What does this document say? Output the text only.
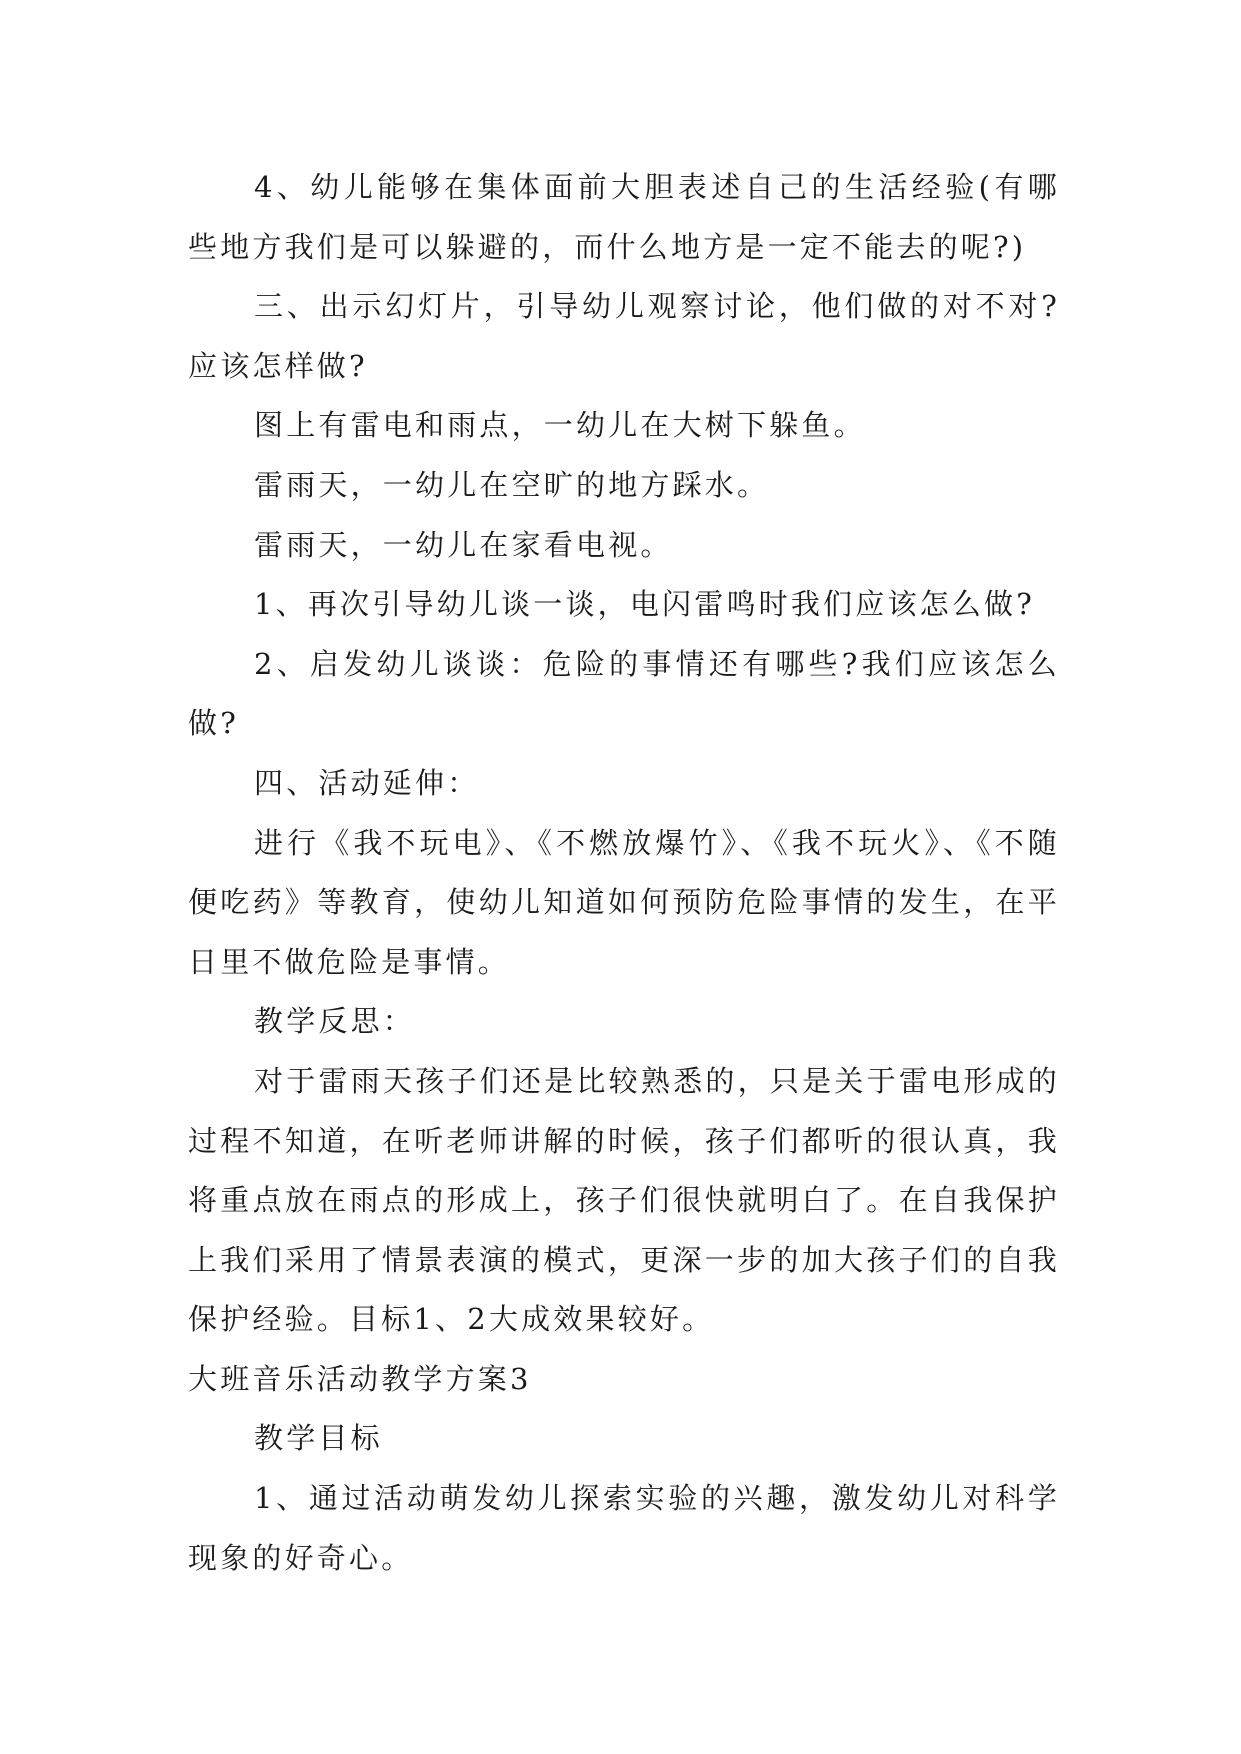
4、幼儿能够在集体面前大胆表述自己的生活经验(有哪些地方我们是可以躲避的，而什么地方是一定不能去的呢?)

三、出示幻灯片，引导幼儿观察讨论，他们做的对不对?应该怎样做?

图上有雷电和雨点，一幼儿在大树下躲鱼。

雷雨天，一幼儿在空旷的地方踩水。

雷雨天，一幼儿在家看电视。

1、再次引导幼儿谈一谈，电闪雷鸣时我们应该怎么做?

2、启发幼儿谈谈：危险的事情还有哪些?我们应该怎么做?

四、活动延伸：

进行《我不玩电》、《不燃放爆竹》、《我不玩火》、《不随便吃药》等教育，使幼儿知道如何预防危险事情的发生，在平日里不做危险是事情。

教学反思：

对于雷雨天孩子们还是比较熟悉的，只是关于雷电形成的过程不知道，在听老师讲解的时候，孩子们都听的很认真，我将重点放在雨点的形成上，孩子们很快就明白了。在自我保护上我们采用了情景表演的模式，更深一步的加大孩子们的自我保护经验。目标1、2大成效果较好。

大班音乐活动教学方案3

教学目标

1、通过活动萌发幼儿探索实验的兴趣，激发幼儿对科学现象的好奇心。
